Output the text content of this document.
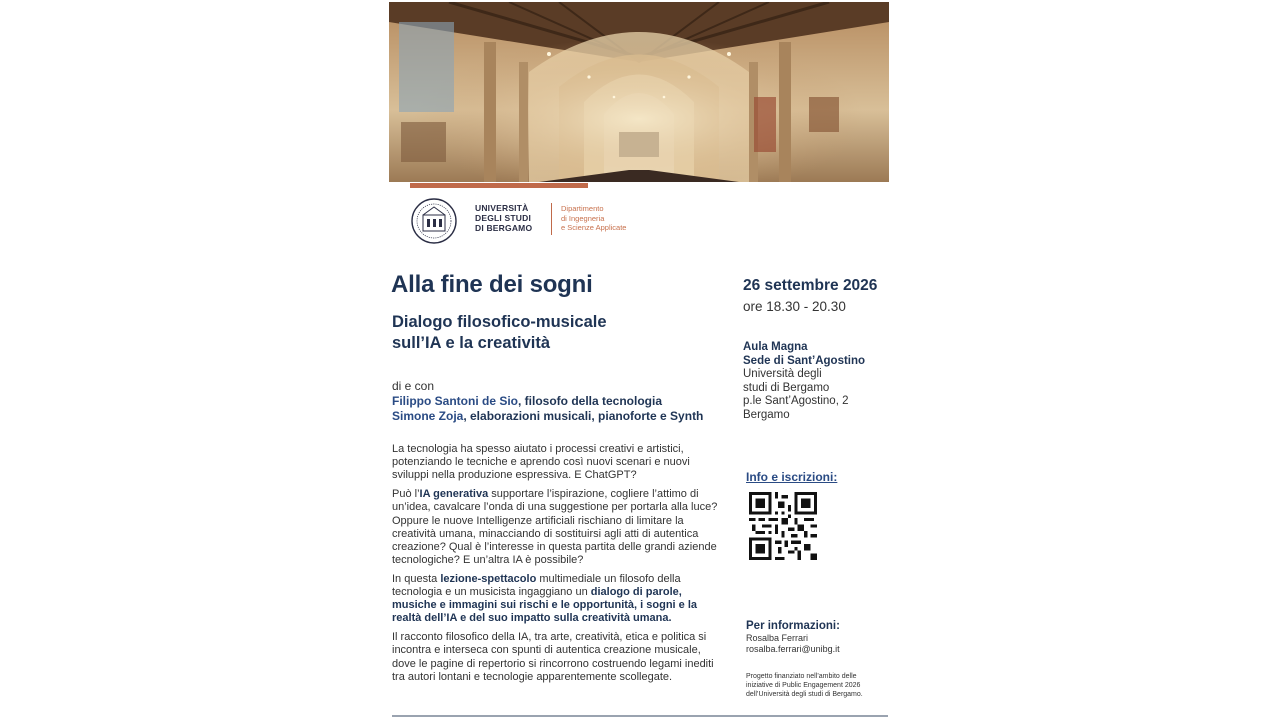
UNIVERSITÀ
DEGLI STUDI
DI BERGAMO
Dipartimento
di Ingegneria
e Scienze Applicate
Alla fine dei sogni
Dialogo filosofico-musicale
sull’IA e la creatività
di e con
Filippo Santoni de Sio, filosofo della tecnologia
Simone Zoja, elaborazioni musicali, pianoforte e Synth

La tecnologia ha spesso aiutato i processi creativi e artistici, potenziando le tecniche e aprendo così nuovi scenari e nuovi sviluppi nella produzione espressiva. E ChatGPT?

Può l’IA generativa supportare l’ispirazione, cogliere l’attimo di un’idea, cavalcare l’onda di una suggestione per portarla alla luce? Oppure le nuove Intelligenze artificiali rischiano di limitare la creatività umana, minacciando di sostituirsi agli atti di autentica creazione? Qual è l’interesse in questa partita delle grandi aziende tecnologiche? E un’altra IA è possibile?

In questa lezione-spettacolo multimediale un filosofo della tecnologia e un musicista ingaggiano un dialogo di parole, musiche e immagini sui rischi e le opportunità, i sogni e la realtà dell’IA e del suo impatto sulla creatività umana.

Il racconto filosofico della IA, tra arte, creatività, etica e politica si incontra e interseca con spunti di autentica creazione musicale, dove le pagine di repertorio si rincorrono costruendo legami inediti tra autori lontani e tecnologie apparentemente scollegate.

26 settembre 2026
ore 18.30 - 20.30
Aula Magna
Sede di Sant’Agostino
Università degli
studi di Bergamo
p.le Sant’Agostino, 2
Bergamo
Info e iscrizioni:
Per informazioni:
Rosalba Ferrari
rosalba.ferrari@unibg.it
Progetto finanziato nell’ambito delle
iniziative di Public Engagement 2026
dell’Università degli studi di Bergamo.
